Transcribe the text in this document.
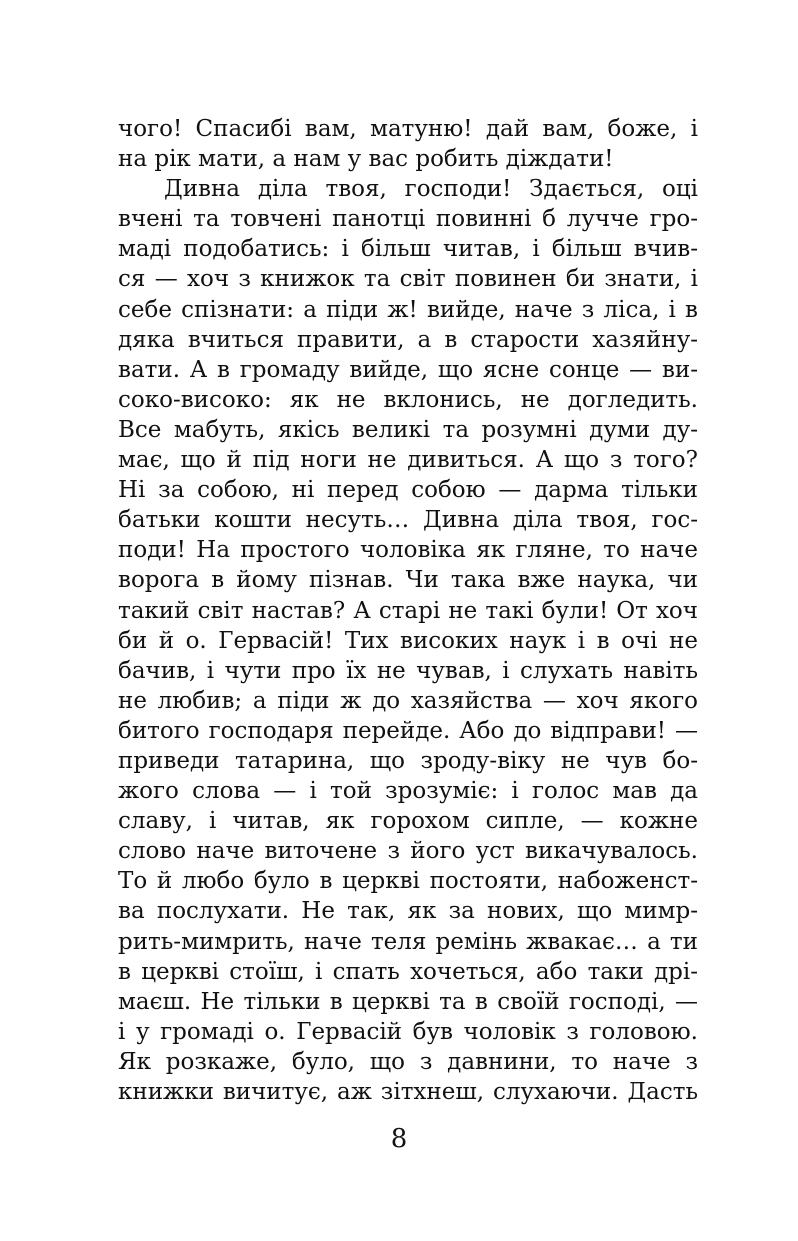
чого! Спасибі вам, матуню! дай вам, боже, і
на рік мати, а нам у вас робить діждати!
Дивна діла твоя, господи! Здається, оці
вчені та товчені панотці повинні б лучче гро-
маді подобатись: і більш читав, і більш вчив-
ся — хоч з книжок та світ повинен би знати, і
себе спізнати: а піди ж! вийде, наче з ліса, і в
дяка вчиться правити, а в старости хазяйну-
вати. А в громаду вийде, що ясне сонце — ви-
соко-високо: як не вклонись, не догледить.
Все мабуть, якісь великі та розумні думи ду-
має, що й під ноги не дивиться. А що з того?
Ні за собою, ні перед собою — дарма тільки
батьки кошти несуть… Дивна діла твоя, гос-
поди! На простого чоловіка як гляне, то наче
ворога в йому пізнав. Чи така вже наука, чи
такий світ настав? А старі не такі були! От хоч
би й о. Гервасій! Тих високих наук і в очі не
бачив, і чути про їх не чував, і слухать навіть
не любив; а піди ж до хазяйства — хоч якого
битого господаря перейде. Або до відправи! —
приведи татарина, що зроду-віку не чув бо-
жого слова — і той зрозуміє: і голос мав да
славу, і читав, як горохом сипле, — кожне
слово наче виточене з його уст викачувалось.
То й любо було в церкві постояти, набоженст-
ва послухати. Не так, як за нових, що мимр-
рить-мимрить, наче теля ремінь жвакає… а ти
в церкві стоїш, і спать хочеться, або таки дрі-
маєш. Не тільки в церкві та в своїй господі, —
і у громаді о. Гервасій був чоловік з головою.
Як розкаже, було, що з давнини, то наче з
книжки вичитує, аж зітхнеш, слухаючи. Дасть
8
